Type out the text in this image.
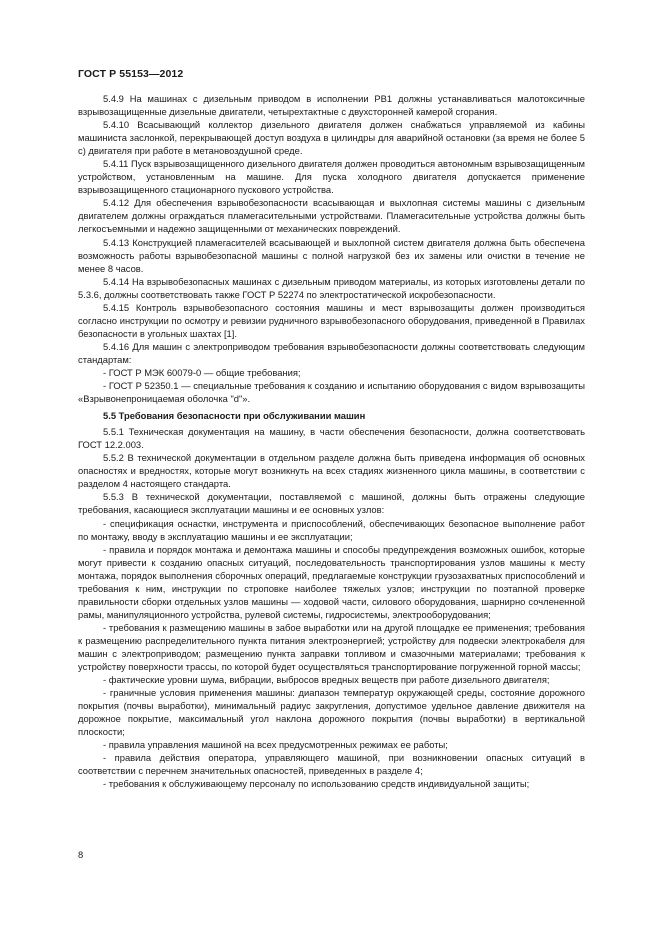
ГОСТ Р 55153—2012

5.4.9 На машинах с дизельным приводом в исполнении РВ1 должны устанавливаться малотоксичные взрывозащищенные дизельные двигатели, четырехтактные с двухсторонней камерой сгорания.

5.4.10 Всасывающий коллектор дизельного двигателя должен снабжаться управляемой из кабины машиниста заслонкой, перекрывающей доступ воздуха в цилиндры для аварийной остановки (за время не более 5 с) двигателя при работе в метановоздушной среде.

5.4.11 Пуск взрывозащищенного дизельного двигателя должен проводиться автономным взрывозащищенным устройством, установленным на машине. Для пуска холодного двигателя допускается применение взрывозащищенного стационарного пускового устройства.

5.4.12 Для обеспечения взрывобезопасности всасывающая и выхлопная системы машины с дизельным двигателем должны ограждаться пламегасительными устройствами. Пламегасительные устройства должны быть легкосъемными и надежно защищенными от механических повреждений.

5.4.13 Конструкцией пламегасителей всасывающей и выхлопной систем двигателя должна быть обеспечена возможность работы взрывобезопасной машины с полной нагрузкой без их замены или очистки в течение не менее 8 часов.

5.4.14 На взрывобезопасных машинах с дизельным приводом материалы, из которых изготовлены детали по 5.3.6, должны соответствовать также ГОСТ Р 52274 по электростатической искробезопасности.

5.4.15 Контроль взрывобезопасного состояния машины и мест взрывозащиты должен производиться согласно инструкции по осмотру и ревизии рудничного взрывобезопасного оборудования, приведенной в Правилах безопасности в угольных шахтах [1].

5.4.16 Для машин с электроприводом требования взрывобезопасности должны соответствовать следующим стандартам:

- ГОСТ Р МЭК 60079-0 — общие требования;

- ГОСТ Р 52350.1 — специальные требования к созданию и испытанию оборудования с видом взрывозащиты «Взрывонепроницаемая оболочка "d"».

5.5 Требования безопасности при обслуживании машин

5.5.1 Техническая документация на машину, в части обеспечения безопасности, должна соответствовать ГОСТ 12.2.003.

5.5.2 В технической документации в отдельном разделе должна быть приведена информация об основных опасностях и вредностях, которые могут возникнуть на всех стадиях жизненного цикла машины, в соответствии с разделом 4 настоящего стандарта.

5.5.3 В технической документации, поставляемой с машиной, должны быть отражены следующие требования, касающиеся эксплуатации машины и ее основных узлов:

- спецификация оснастки, инструмента и приспособлений, обеспечивающих безопасное выполнение работ по монтажу, вводу в эксплуатацию машины и ее эксплуатации;

- правила и порядок монтажа и демонтажа машины и способы предупреждения возможных ошибок, которые могут привести к созданию опасных ситуаций, последовательность транспортирования узлов машины к месту монтажа, порядок выполнения сборочных операций, предлагаемые конструкции грузозахватных приспособлений и требования к ним, инструкции по строповке наиболее тяжелых узлов; инструкции по поэтапной проверке правильности сборки отдельных узлов машины — ходовой части, силового оборудования, шарнирно сочлененной рамы, манипуляционного устройства, рулевой системы, гидросистемы, электрооборудования;

- требования к размещению машины в забое выработки или на другой площадке ее применения; требования к размещению распределительного пункта питания электроэнергией; устройству для подвески электрокабеля для машин с электроприводом; размещению пункта заправки топливом и смазочными материалами; требования к устройству поверхности трассы, по которой будет осуществляться транспортирование погруженной горной массы;

- фактические уровни шума, вибрации, выбросов вредных веществ при работе дизельного двигателя;

- граничные условия применения машины: диапазон температур окружающей среды, состояние дорожного покрытия (почвы выработки), минимальный радиус закругления, допустимое удельное давление движителя на дорожное покрытие, максимальный угол наклона дорожного покрытия (почвы выработки) в вертикальной плоскости;

- правила управления машиной на всех предусмотренных режимах ее работы;

- правила действия оператора, управляющего машиной, при возникновении опасных ситуаций в соответствии с перечнем значительных опасностей, приведенных в разделе 4;

- требования к обслуживающему персоналу по использованию средств индивидуальной защиты;

8
